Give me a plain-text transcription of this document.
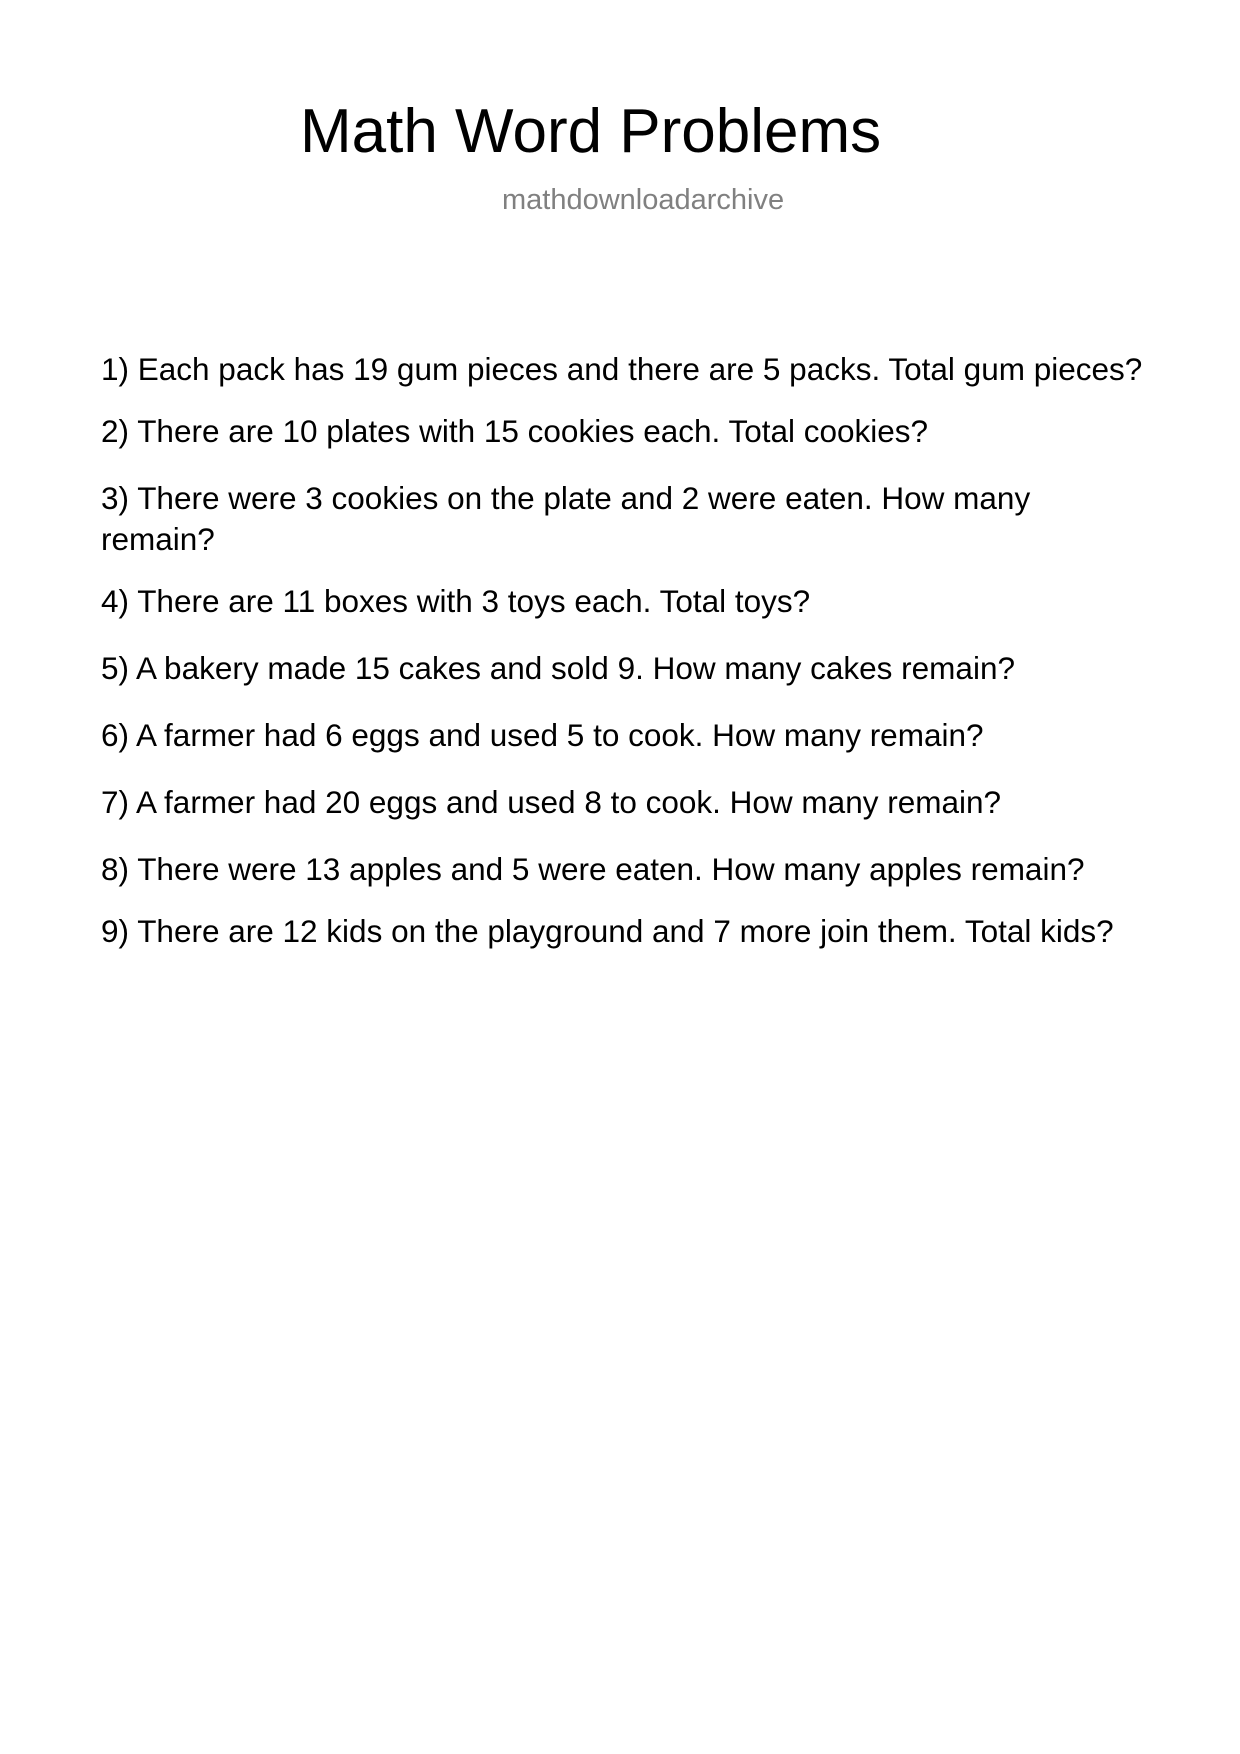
Math Word Problems
mathdownloadarchive
1) Each pack has 19 gum pieces and there are 5 packs. Total gum pieces?
2) There are 10 plates with 15 cookies each. Total cookies?
3) There were 3 cookies on the plate and 2 were eaten. How many remain?
4) There are 11 boxes with 3 toys each. Total toys?
5) A bakery made 15 cakes and sold 9. How many cakes remain?
6) A farmer had 6 eggs and used 5 to cook. How many remain?
7) A farmer had 20 eggs and used 8 to cook. How many remain?
8) There were 13 apples and 5 were eaten. How many apples remain?
9) There are 12 kids on the playground and 7 more join them. Total kids?
